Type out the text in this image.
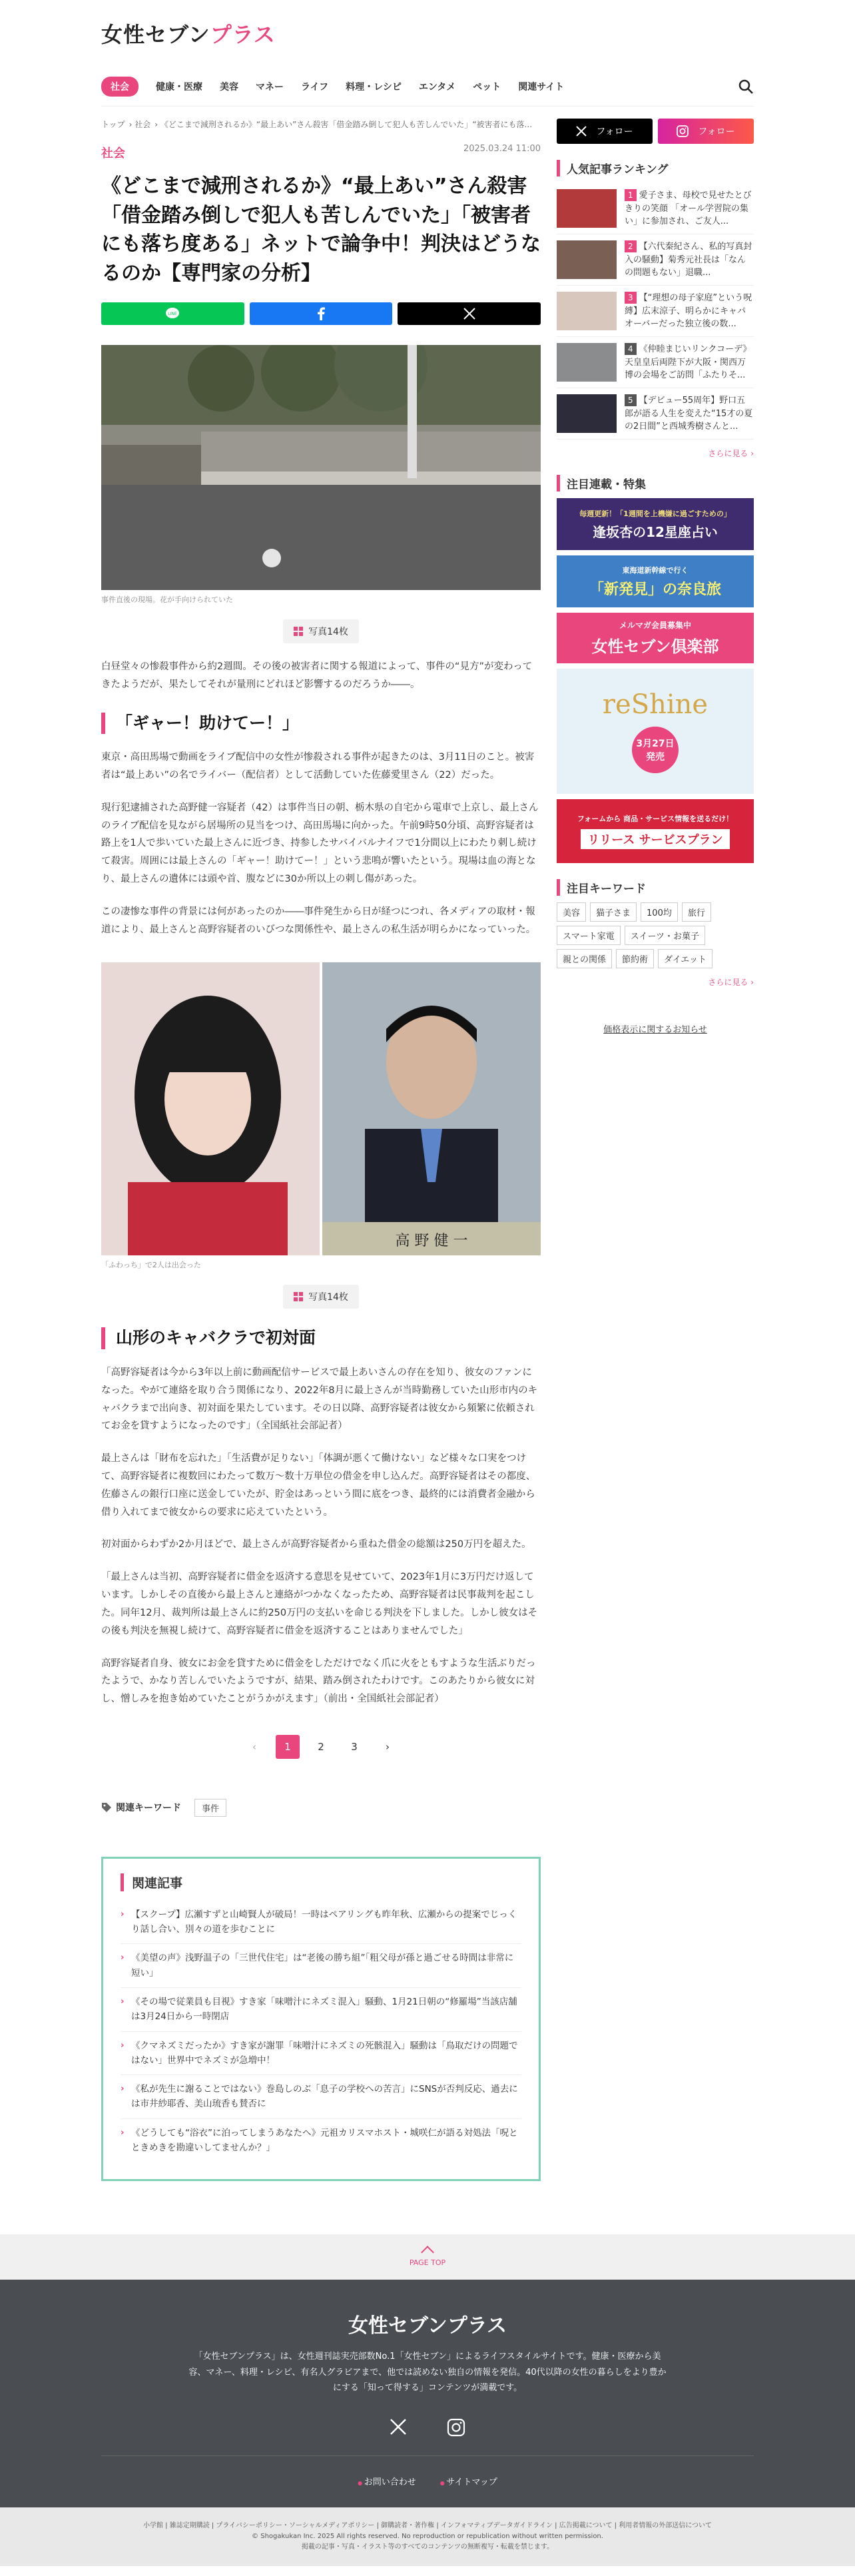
女性セブンプラス
社会	健康・医療 美容 マネー ライフ 料理・レシピ エンタメ ペット 関連サイト
トップ › 社会 › 《どこまで減刑されるか》“最上あい”さん殺害「借金踏み倒して犯人も苦しんでいた」“被害者にも落...
社会	2025.03.24 11:00
《どこまで減刑されるか》“最上あい”さん殺害「借金踏み倒しで犯人も苦しんでいた」「被害者にも落ち度ある」ネットで論争中！判決はどうなるのか【専門家の分析】
LINE
事件直後の現場。花が手向けられていた
写真14枚

白昼堂々の惨殺事件から約2週間。その後の被害者に関する報道によって、事件の“見方”が変わってきたようだが、果たしてそれが量刑にどれほど影響するのだろうか――。

「ギャー！助けてー！」

東京・高田馬場で動画をライブ配信中の女性が惨殺される事件が起きたのは、3月11日のこと。被害者は“最上あい”の名でライバー（配信者）として活動していた佐藤愛里さん（22）だった。

現行犯逮捕された高野健一容疑者（42）は事件当日の朝、栃木県の自宅から電車で上京し、最上さんのライブ配信を見ながら居場所の見当をつけ、高田馬場に向かった。午前9時50分頃、高野容疑者は路上を1人で歩いていた最上さんに近づき、持参したサバイバルナイフで1分間以上にわたり刺し続けて殺害。周囲には最上さんの「ギャー！助けてー！」という悲鳴が響いたという。現場は血の海となり、最上さんの遺体には頭や首、腹などに30か所以上の刺し傷があった。

この凄惨な事件の背景には何があったのか――事件発生から日が経つにつれ、各メディアの取材・報道により、最上さんと高野容疑者のいびつな関係性や、最上さんの私生活が明らかになっていった。

高 野 健 一
「ふわっち」で2人は出会った
写真14枚
山形のキャバクラで初対面

「高野容疑者は今から3年以上前に動画配信サービスで最上あいさんの存在を知り、彼女のファンになった。やがて連絡を取り合う関係になり、2022年8月に最上さんが当時勤務していた山形市内のキャバクラまで出向き、初対面を果たしています。その日以降、高野容疑者は彼女から頻繁に依頼されてお金を貸すようになったのです」（全国紙社会部記者）

最上さんは「財布を忘れた」「生活費が足りない」「体調が悪くて働けない」など様々な口実をつけて、高野容疑者に複数回にわたって数万～数十万単位の借金を申し込んだ。高野容疑者はその都度、佐藤さんの銀行口座に送金していたが、貯金はあっという間に底をつき、最終的には消費者金融から借り入れてまで彼女からの要求に応えていたという。

初対面からわずか2か月ほどで、最上さんが高野容疑者から重ねた借金の総額は250万円を超えた。

「最上さんは当初、高野容疑者に借金を返済する意思を見せていて、2023年1月に3万円だけ返しています。しかしその直後から最上さんと連絡がつかなくなったため、高野容疑者は民事裁判を起こした。同年12月、裁判所は最上さんに約250万円の支払いを命じる判決を下しました。しかし彼女はその後も判決を無視し続けて、高野容疑者に借金を返済することはありませんでした」

高野容疑者自身、彼女にお金を貸すために借金をしただけでなく爪に火をともすような生活ぶりだったようで、かなり苦しんでいたようですが、結果、踏み倒されたわけです。このあたりから彼女に対し、憎しみを抱き始めていたことがうかがえます」（前出・全国紙社会部記者）

‹	1	2	3	›
関連キーワード	事件
関連記事
› 【スクープ】広瀬すずと山崎賢人が破局！一時はペアリングも昨年秋、広瀬からの提案でじっくり話し合い、別々の道を歩むことに
› 《美望の声》浅野温子の「三世代住宅」は“老後の勝ち組”「粗父母が孫と過ごせる時間は非常に短い」
› 《その場で従業員も目視》すき家「味噌汁にネズミ混入」騒動、1月21日朝の“修羅場”当該店舗は3月24日から一時閉店
› 《クマネズミだったか》すき家が謝罪「味噌汁にネズミの死骸混入」騒動は「鳥取だけの問題ではない」世界中でネズミが急増中！
› 《私が先生に謝ることではない》巻島しのぶ「息子の学校への苦言」にSNSが否判反応、過去には市井紗耶香、美山琉香も賛否に
› 《どうしても“浴衣”に泊ってしまうあなたへ》元祖カリスマホスト・城咲仁が語る対処法「呪とときめきを勘違いしてませんか？」
フォロー	フォロー
人気記事ランキング
1 愛子さま、母校で見せたとびきりの笑顔 「オール学習院の集い」に参加され、ご友人...
2 【六代秦紀さん、私的写真封入の騒動】菊秀元社長は「なんの問題もない」退職...
3 【“理想の母子家庭”という呪縛】広末涼子、明らかにキャパオーバーだった独立後の数...
4 《仲睦まじいリンクコーデ》天皇皇后両陛下が大阪・関西万博の会場をご訪問「ふたりそ...
5 【デビュー55周年】野口五郎が語る人生を変えた“15才の夏の2日間”と西城秀樹さんと...
さらに見る ›
注目連載・特集
毎週更新！「1週間を上機嫌に過ごすための」
逢坂杏の12星座占い
東海道新幹線で行く
「新発見」の奈良旅
メルマガ会員募集中
女性セブン倶楽部
reShine
3月27日 発売
フォームから 商品・サービス情報を送るだけ！
リリース サービスプラン
注目キーワード
美容	猫子さま	100均	旅行
スマート家電	スイーツ・お菓子
親との関係	節約術	ダイエット
さらに見る ›
価格表示に関するお知らせ
PAGE TOP
女性セブンプラス
「女性セブンプラス」は、女性週刊誌実売部数No.1「女性セブン」によるライフスタイルサイトです。健康・医療から美容、マネー、料理・レシピ、有名人グラビアまで、他では読めない独自の情報を発信。40代以降の女性の暮らしをより豊かにする「知って得する」コンテンツが満載です。
● お問い合わせ
●	サイトマップ
小学館 | 雑誌定期購読 | プライバシーポリシー・ソーシャルメディアポリシー | 御購読者・著作権 | インフォマティブデータガイドライン | 広告掲載について | 利用者情報の外部送信について
© Shogakukan Inc. 2025 All rights reserved. No reproduction or republication without written permission.
掲載の記事・写真・イラスト等のすべてのコンテンツの無断複写・転載を禁じます。
